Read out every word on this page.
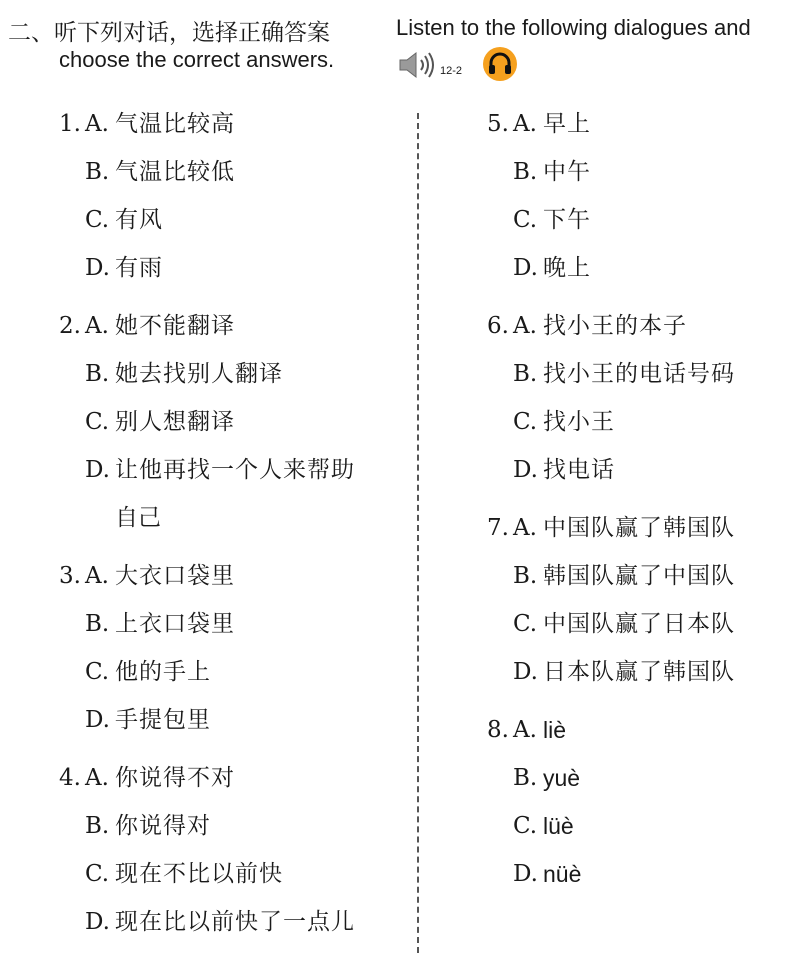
二、听下列对话，选择正确答案	Listen to the following dialogues and
choose the correct answers.	12-2
1. A. 气温比较高
B. 气温比较低
C. 有风
D. 有雨
2. A. 她不能翻译
B. 她去找别人翻译
C. 别人想翻译
D. 让他再找一个人来帮助
自己
3. A. 大衣口袋里
B. 上衣口袋里
C. 他的手上
D. 手提包里
4. A. 你说得不对
B. 你说得对
C. 现在不比以前快
D. 现在比以前快了一点儿
5. A. 早上
B. 中午
C. 下午
D. 晚上
6. A. 找小王的本子
B. 找小王的电话号码
C. 找小王
D. 找电话
7. A. 中国队赢了韩国队
B. 韩国队赢了中国队
C. 中国队赢了日本队
D. 日本队赢了韩国队
8. A. liè
B. yuè
C. lüè
D. nüè
